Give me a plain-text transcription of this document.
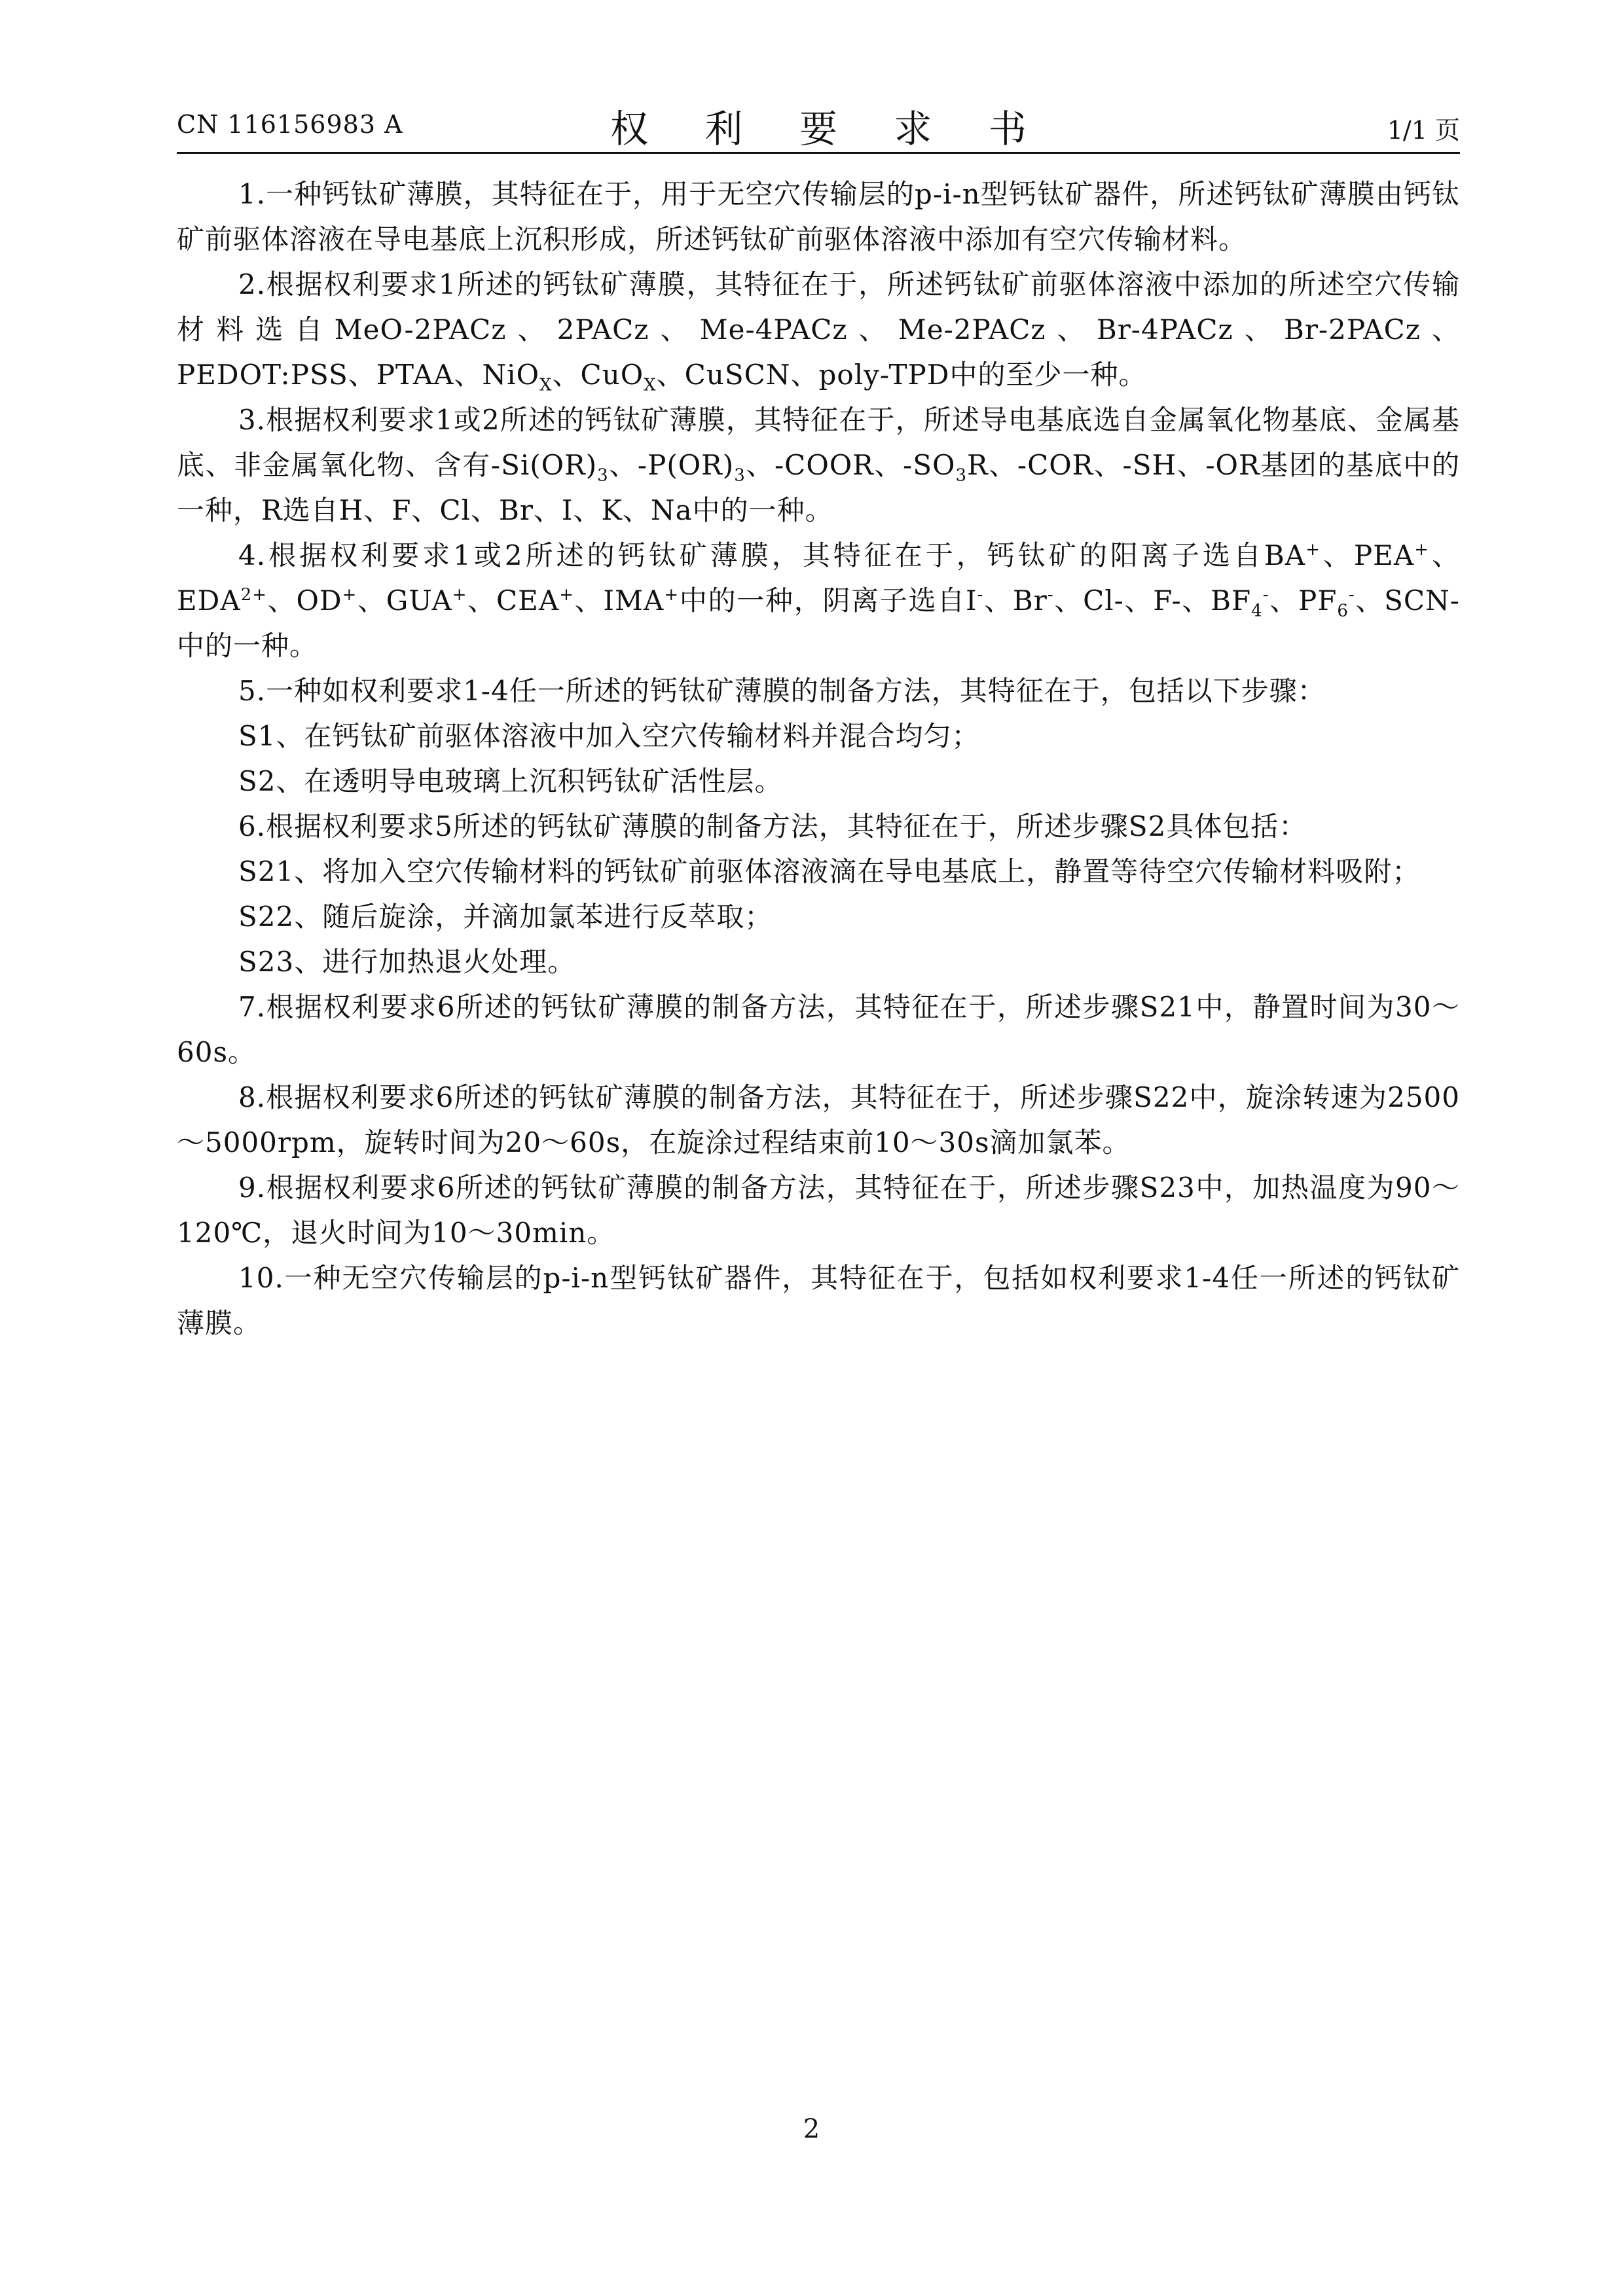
CN 116156983 A	权 利 要 求 书	1/1 页

1.一种钙钛矿薄膜，其特征在于，用于无空穴传输层的p-i-n型钙钛矿器件，所述钙钛矿薄膜由钙钛矿前驱体溶液在导电基底上沉积形成，所述钙钛矿前驱体溶液中添加有空穴传输材料。

2.根据权利要求1所述的钙钛矿薄膜，其特征在于，所述钙钛矿前驱体溶液中添加的所述空穴传输材料选自MeO-2PACz、2PACz、Me-4PACz、Me-2PACz、Br-4PACz、Br-2PACz、PEDOT:PSS、PTAA、NiO$_X$、CuO$_X$、CuSCN、poly-TPD中的至少一种。

3.根据权利要求1或2所述的钙钛矿薄膜，其特征在于，所述导电基底选自金属氧化物基底、金属基底、非金属氧化物、含有$-Si(OR)_3$、$-P(OR)_3$、-COOR、$-SO_3R$、-COR、-SH、-OR基团的基底中的一种，R选自H、F、Cl、Br、I、K、Na中的一种。

4.根据权利要求1或2所述的钙钛矿薄膜，其特征在于，钙钛矿的阳离子选自BA+、PEA+、$EDA^{2+}$、OD+、GUA+、CEA+、IMA+中的一种，阴离子选自I-、Br-、Cl-、F-、$BF_4^-$、$PF_6^-$、SCN-中的一种。

5.一种如权利要求1-4任一所述的钙钛矿薄膜的制备方法，其特征在于，包括以下步骤：

S1、在钙钛矿前驱体溶液中加入空穴传输材料并混合均匀；

S2、在透明导电玻璃上沉积钙钛矿活性层。

6.根据权利要求5所述的钙钛矿薄膜的制备方法，其特征在于，所述步骤S2具体包括：

S21、将加入空穴传输材料的钙钛矿前驱体溶液滴在导电基底上，静置等待空穴传输材料吸附；

S22、随后旋涂，并滴加氯苯进行反萃取；

S23、进行加热退火处理。

7.根据权利要求6所述的钙钛矿薄膜的制备方法，其特征在于，所述步骤S21中，静置时间为30～60s。

8.根据权利要求6所述的钙钛矿薄膜的制备方法，其特征在于，所述步骤S22中，旋涂转速为2500～5000rpm，旋转时间为20～60s，在旋涂过程结束前10～30s滴加氯苯。

9.根据权利要求6所述的钙钛矿薄膜的制备方法，其特征在于，所述步骤S23中，加热温度为90～120℃，退火时间为10～30min。

10.一种无空穴传输层的p-i-n型钙钛矿器件，其特征在于，包括如权利要求1-4任一所述的钙钛矿薄膜。

2
